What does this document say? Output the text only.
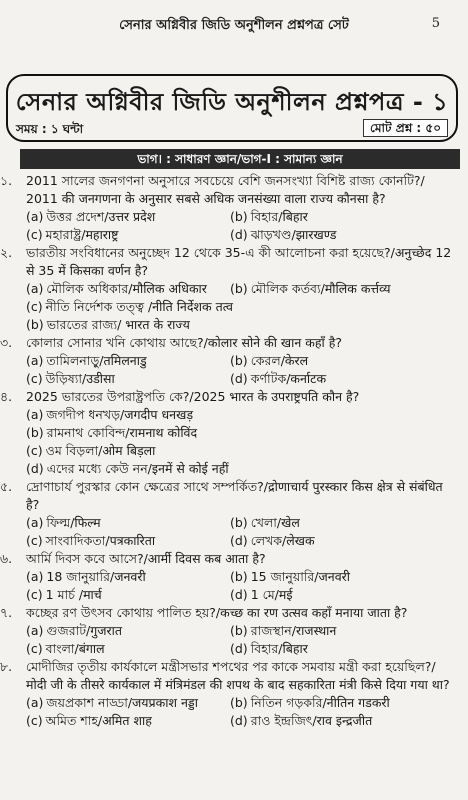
সেনার অগ্নিবীর জিডি অনুশীলন প্রশ্নপত্র সেট	5
সেনার অগ্নিবীর জিডি অনুশীলন প্রশ্নপত্র - ১
সময় : ১ ঘন্টা	মোট প্রশ্ন : ৫০
ভাগ। : সাধারণ জ্ঞান/ভাগ-I : সামান্য জ্ঞান
১. 2011 সালের জনগণনা অনুসারে সবচেয়ে বেশি জনসংখ্যা বিশিষ্ট রাজ্য কোনটি?/ 2011 की जनगणना के अनुसार सबसे अधिक जनसंख्या वाला राज्य कौनसा है?
(a) উত্তর প্রদেশ/उत्तर प्रदेश	(b) বিহার/बिहार
(c) মহারাষ্ট্র/महाराष्ट्र	(d) ঝাড়খণ্ড/झारखण्ड
২. ভারতীয় সংবিধানের অনুচ্ছেদ 12 থেকে 35-এ কী আলোচনা করা হয়েছে?/अनुच्छेद 12 से 35 में किसका वर्णन है?
(a) মৌলিক অধিকার/मौलिक अधिकार	(b) মৌলিক কর্তব্য/मौलिक कर्त्तव्य
(c) নীতি নির্দেশক তত্ত্ব /नीति निर्देशक तत्व
(b) ভারতের রাজ্য/ भारत के राज्य
৩. কোলার সোনার খনি কোথায় আছে?/कोलार सोने की खान कहाँ है?
(a) তামিলনাড়ু/तमिलनाडु	(b) কেরল/केरल
(c) উড়িষ্যা/उडीसा	(d) কর্ণাটক/कर्नाटक
৪. 2025 ভারতের উপরাষ্ট্রপতি কে?/2025 भारत के उपराष्ट्रपति कौन है?
(a) জগদীপ ধনখড়/जगदीप धनखड़
(b) রামনাথ কোবিন্দ/रामनाथ कोविंद
(c) ওম বিড়লা/ओम बिड़ला
(d) এদের মধ্যে কেউ নন/इनमें से कोई नहीं
৫. দ্রোণাচার্য পুরস্কার কোন ক্ষেত্রের সাথে সম্পর্কিত?/द्रोणाचार्य पुरस्कार किस क्षेत्र से संबंधित है?
(a) ফিল্ম/फिल्म	(b) খেলা/खेल
(c) সাংবাদিকতা/पत्रकारिता	(d) লেখক/लेखक
৬. আর্মি দিবস কবে আসে?/आर्मी दिवस कब आता है?
(a) 18 জানুয়ারি/जनवरी	(b) 15 জানুয়ারি/जनवरी
(c) 1 মার্চ /मार्च	(d) 1 মে/मई
৭. কচ্ছের রণ উৎসব কোথায় পালিত হয়?/कच्छ का रण उत्सव कहाँ मनाया जाता है?
(a) গুজরাট/गुजरात	(b) রাজস্থান/राजस्थान
(c) বাংলা/बंगाल	(d) বিহার/बिहार
৮. মোদীজির তৃতীয় কার্যকালে মন্ত্রীসভার শপথের পর কাকে সমবায় মন্ত্রী করা হয়েছিল?/ मोदी जी के तीसरे कार्यकाल में मंत्रिमंडल की शपथ के बाद सहकारिता मंत्री किसे दिया गया था?
(a) জয়প্রকাশ নাড্ডা/जयप्रकाश नड्डा	(b) নিতিন গড়করি/नीतिन गडकरी
(c) অমিত শাহ/अमित शाह	(d) রাও ইন্দ্রজিৎ/राव इन्द्रजीत
